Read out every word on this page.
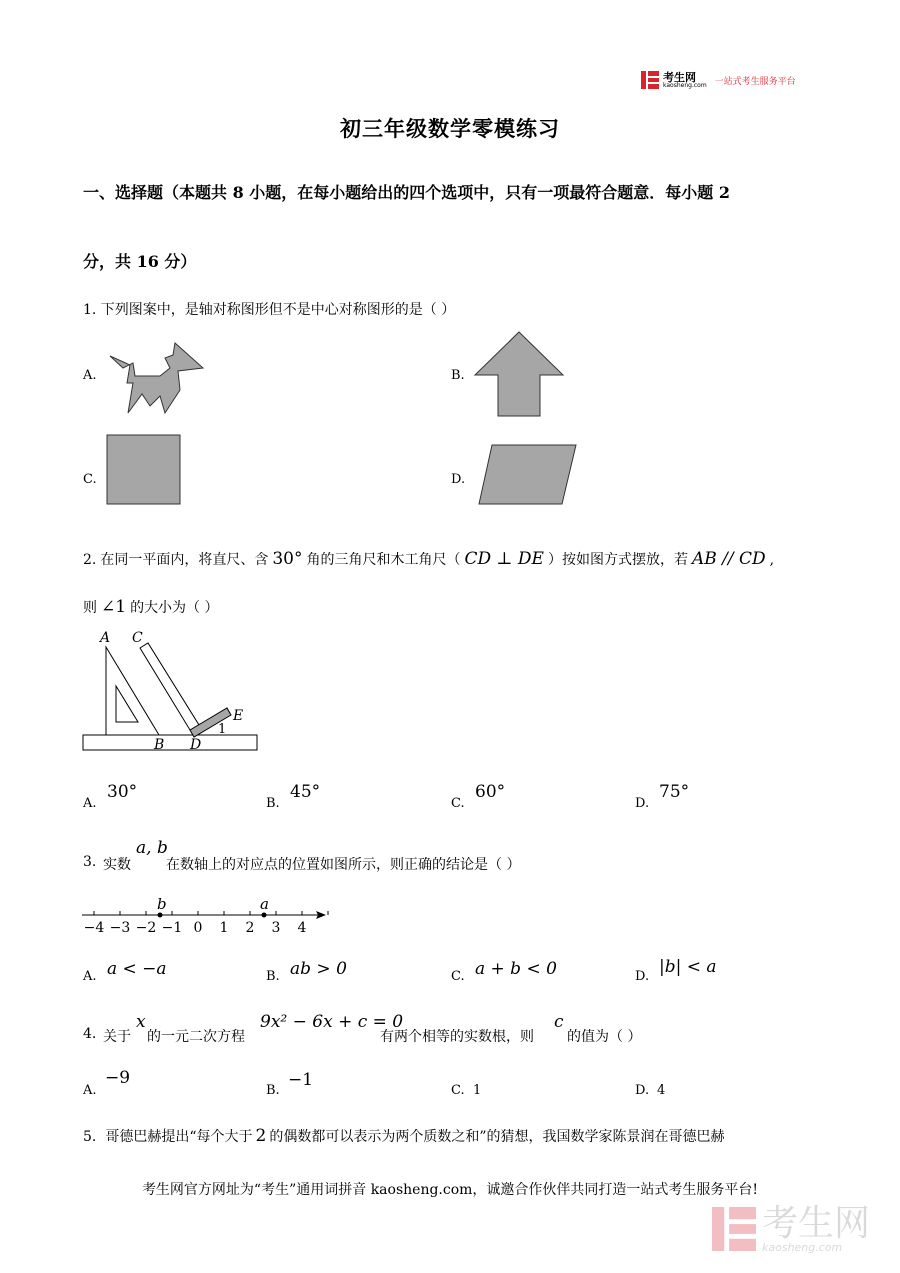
考生网
kaosheng.com 一站式考生服务平台
初三年级数学零模练习
一、选择题（本题共 8 小题，在每小题给出的四个选项中，只有一项最符合题意．每小题 2
分，共 16 分）
1. 下列图案中，是轴对称图形但不是中心对称图形的是（ ）
A.	B.
C.	D.
2. 在同一平面内，将直尺、含 30° 角的三角尺和木工角尺（ CD ⊥ DE ）按如图方式摆放，若 AB // CD ,
则 ∠1 的大小为（ ）
A C
E
1
B D
A.
30°
B.
45°
C.
60°
D.
75°
3. 实数
a, b
在数轴上的对应点的位置如图所示，则正确的结论是（ ）
−4 −3 −2 −1 0 1 2 3 4
b	a
A. a < −a	B. ab > 0	C. a + b < 0	D. |b| < a
4. 关于
x
的一元二次方程
9x² − 6x + c = 0
有两个相等的实数根，则
c
的值为（ ）
A.
−9
B.
−1
C. 1	D. 4
5. 哥德巴赫提出“每个大于 2 的偶数都可以表示为两个质数之和”的猜想，我国数学家陈景润在哥德巴赫
考生网官方网址为“考生”通用词拼音 kaosheng.com，诚邀合作伙伴共同打造一站式考生服务平台!
考生网
kaosheng.com
